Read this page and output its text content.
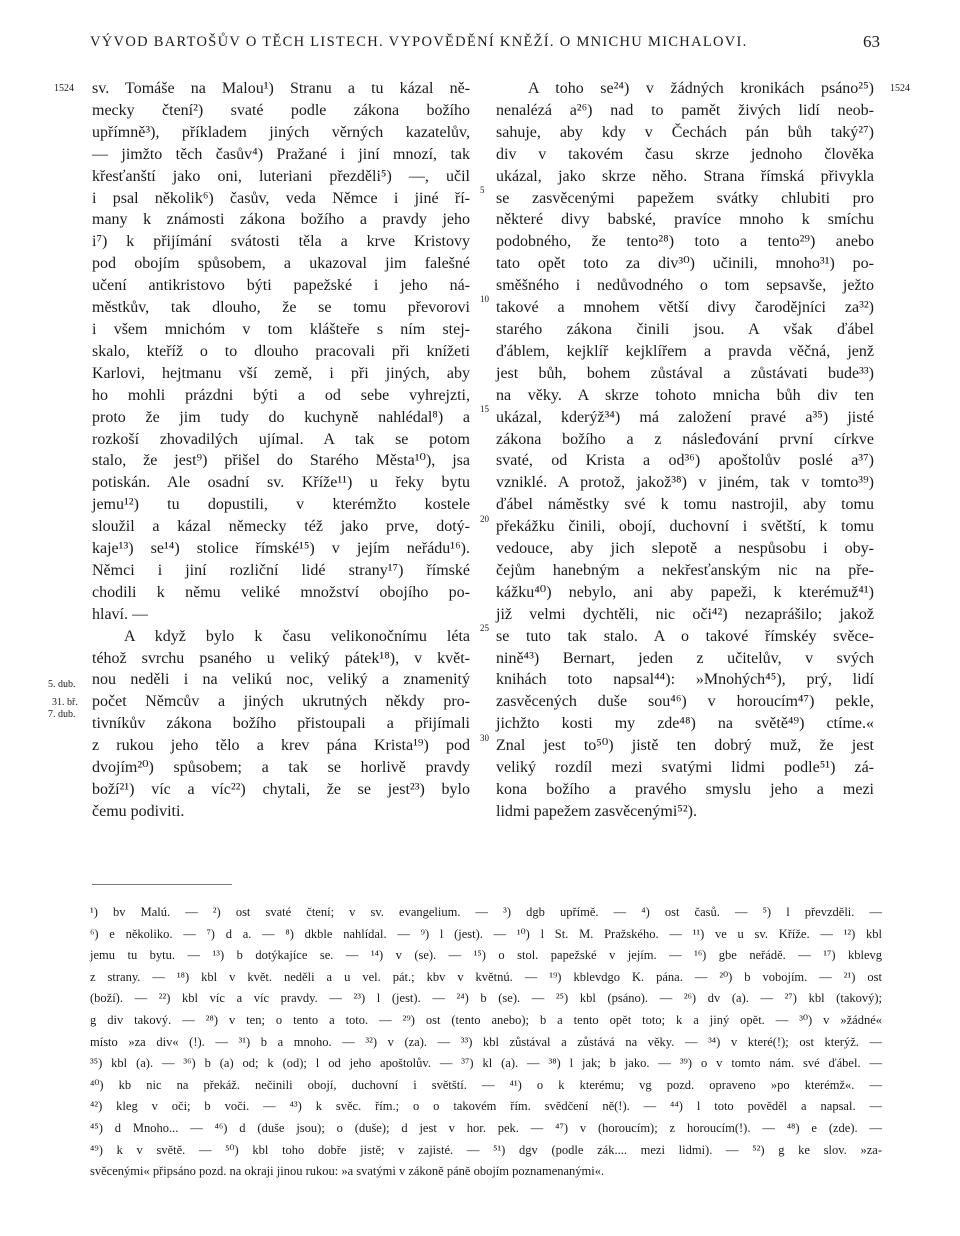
VÝVOD BARTOŠŮV O TĚCH LISTECH. VYPOVĚDĚNÍ KNĚŽÍ. O MNICHU MICHALOVI.	63
1524	1524
5. dub.
31. bř.
7. dub.
5
10
15
20
25
30
sv. Tomáše na Malou¹) Stranu a tu kázal ně-
mecky čtení²) svaté podle zákona božího
upřímně³), příkladem jiných věrných kazatelův,
— jimžto těch časův⁴) Pražané i jiní mnozí, tak
křesťanští jako oni, luteriani přezděli⁵) —, učil
i psal několik⁶) časův, veda Němce i jiné ří-
many k známosti zákona božího a pravdy jeho
i⁷) k přijímání svátosti těla a krve Kristovy
pod obojím spůsobem, a ukazoval jim falešné
učení antikristovo býti papežské i jeho ná-
městkův, tak dlouho, že se tomu převorovi
i všem mnichóm v tom klášteře s ním stej-
skalo, kteříž o to dlouho pracovali při knížeti
Karlovi, hejtmanu vší země, i při jiných, aby
ho mohli prázdni býti a od sebe vyhrejzti,
proto že jim tudy do kuchyně nahlédal⁸) a
rozkoší zhovadilých ujímal. A tak se potom
stalo, že jest⁹) přišel do Starého Města¹⁰), jsa
potiskán. Ale osadní sv. Kříže¹¹) u řeky bytu
jemu¹²) tu dopustili, v kterémžto kostele
sloužil a kázal německy též jako prve, dotý-
kaje¹³) se¹⁴) stolice římské¹⁵) v jejím neřádu¹⁶).
Němci i jiní rozliční lidé strany¹⁷) římské
chodili k němu veliké množství obojího po-
hlaví. —
A když bylo k času velikonočnímu léta
téhož svrchu psaného u veliký pátek¹⁸), v květ-
nou neděli i na velikú noc, veliký a znamenitý
počet Němcův a jiných ukrutných někdy pro-
tivníkův zákona božího přistoupali a přijímali
z rukou jeho tělo a krev pána Krista¹⁹) pod
dvojím²⁰) spůsobem; a tak se horlivě pravdy
boží²¹) víc a víc²²) chytali, že se jest²³) bylo
čemu podiviti.
A toho se²⁴) v žádných kronikách psáno²⁵)
nenalézá a²⁶) nad to pamět živých lidí neob-
sahuje, aby kdy v Čechách pán bůh taký²⁷)
div v takovém času skrze jednoho člověka
ukázal, jako skrze něho. Strana římská přivykla
se zasvěcenými papežem svátky chlubiti pro
některé divy babské, pravíce mnoho k smíchu
podobného, že tento²⁸) toto a tento²⁹) anebo
tato opět toto za div³⁰) učinili, mnoho³¹) po-
směšného i nedůvodného o tom sepsavše, ježto
takové a mnohem větší divy čarodějníci za³²)
starého zákona činili jsou. A však ďábel
ďáblem, kejklíř kejklířem a pravda věčná, jenž
jest bůh, bohem zůstával a zůstávati bude³³)
na věky. A skrze tohoto mnicha bůh div ten
ukázal, kderýž³⁴) má založení pravé a³⁵) jisté
zákona božího a z násleđování první církve
svaté, od Krista a od³⁶) apoštolův poslé a³⁷)
vzniklé. A protož, jakož³⁸) v jiném, tak v tomto³⁹)
ďábel náměstky své k tomu nastrojil, aby tomu
překážku činili, obojí, duchovní i světští, k tomu
vedouce, aby jich slepotě a nespůsobu i oby-
čejům hanebným a nekřesťanským nic na pře-
kážku⁴⁰) nebylo, ani aby papeži, k kterémuž⁴¹)
již velmi dychtěli, nic oči⁴²) nezaprášilo; jakož
se tuto tak stalo. A o takové římskéy svěce-
nině⁴³) Bernart, jeden z učitelův, v svých
knihách toto napsal⁴⁴): »Mnohých⁴⁵), prý, lidí
zasvěcených duše sou⁴⁶) v horoucím⁴⁷) pekle,
jichžto kosti my zde⁴⁸) na světě⁴⁹) ctíme.«
Znal jest to⁵⁰) jistě ten dobrý muž, že jest
veliký rozdíl mezi svatými lidmi podle⁵¹) zá-
kona božího a pravého smyslu jeho a mezi
lidmi papežem zasvěcenými⁵²).
¹) bv Malú. — ²) ost svaté čtení; v sv. evangelium. — ³) dgb upřímě. — ⁴) ost časů. — ⁵) l převzděli. —
⁶) e několiko. — ⁷) d a. — ⁸) dkble nahlídal. — ⁹) l (jest). — ¹⁰) l St. M. Pražského. — ¹¹) ve u sv. Kříže. — ¹²) kbl
jemu tu bytu. — ¹³) b dotýkajíce se. — ¹⁴) v (se). — ¹⁵) o stol. papežské v jejím. — ¹⁶) gbe neřádě. — ¹⁷) kblevg
z strany. — ¹⁸) kbl v květ. neděli a u vel. pát.; kbv v květnú. — ¹⁹) kblevdgo K. pána. — ²⁰) b vobojím. — ²¹) ost
(boží). — ²²) kbl víc a víc pravdy. — ²³) l (jest). — ²⁴) b (se). — ²⁵) kbl (psáno). — ²⁶) dv (a). — ²⁷) kbl (takový);
g div takový. — ²⁸) v ten; o tento a toto. — ²⁹) ost (tento anebo); b a tento opět toto; k a jiný opět. — ³⁰) v »žádné«
místo »za div« (!). — ³¹) b a mnoho. — ³²) v (za). — ³³) kbl zůstával a zůstává na věky. — ³⁴) v které(!); ost kterýž. —
³⁵) kbl (a). — ³⁶) b (a) od; k (od); l od jeho apoštolův. — ³⁷) kl (a). — ³⁸) l jak; b jako. — ³⁹) o v tomto nám. své ďábel. —
⁴⁰) kb nic na překáž. nečinili obojí, duchovní i světští. — ⁴¹) o k kterému; vg pozd. opraveno »po kterémž«. —
⁴²) kleg v oči; b voči. — ⁴³) k svěc. řím.; o o takovém řím. svědčení ně(!). — ⁴⁴) l toto pověděl a napsal. —
⁴⁵) d Mnoho... — ⁴⁶) d (duše jsou); o (duše); d jest v hor. pek. — ⁴⁷) v (horoucím); z horoucím(!). — ⁴⁸) e (zde). —
⁴⁹) k v světě. — ⁵⁰) kbl toho dobře jistě; v zajisté. — ⁵¹) dgv (podle zák.... mezi lidmi). — ⁵²) g ke slov. »za-
svěcenými« připsáno pozd. na okraji jinou rukou: »a svatými v zákoně páně obojím poznamenanými«.
